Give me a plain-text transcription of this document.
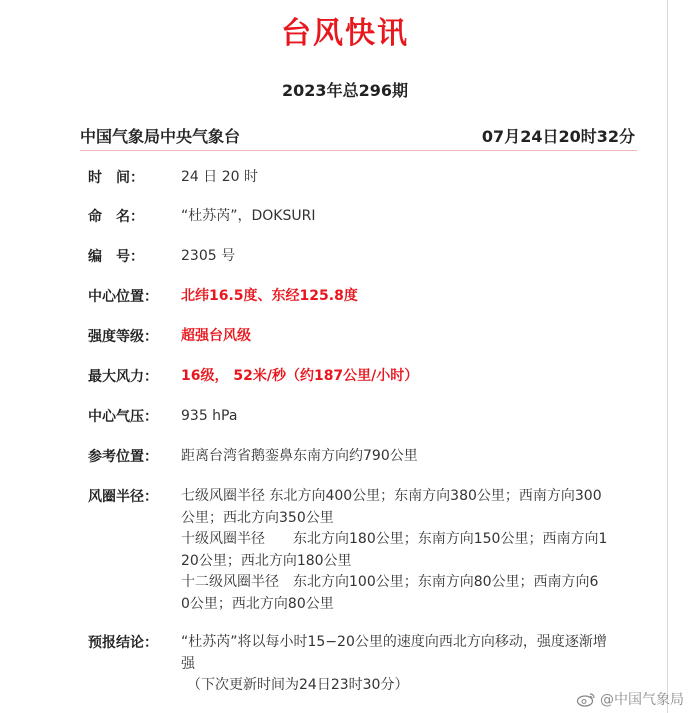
台风快讯
2023年总296期
中国气象局中央气象台	07月24日20时32分
时　间：	24 日 20 时
命　名：	“杜苏芮”，DOKSURI
编　号：	2305 号
中心位置：	北纬16.5度、东经125.8度
强度等级：	超强台风级
最大风力：	16级， 52米/秒（约187公里/小时）
中心气压：	935 hPa
参考位置：	距离台湾省鹅銮鼻东南方向约790公里
风圈半径：	七级风圈半径 东北方向400公里；东南方向380公里；西南方向300

公里；西北方向350公里

十级风圈半径　　东北方向180公里；东南方向150公里；西南方向1

20公里；西北方向180公里

十二级风圈半径　东北方向100公里；东南方向80公里；西南方向6

0公里；西北方向80公里

预报结论：	“杜苏芮”将以每小时15−20公里的速度向西北方向移动，强度逐渐增

强

（下次更新时间为24日23时30分）

@中国气象局
